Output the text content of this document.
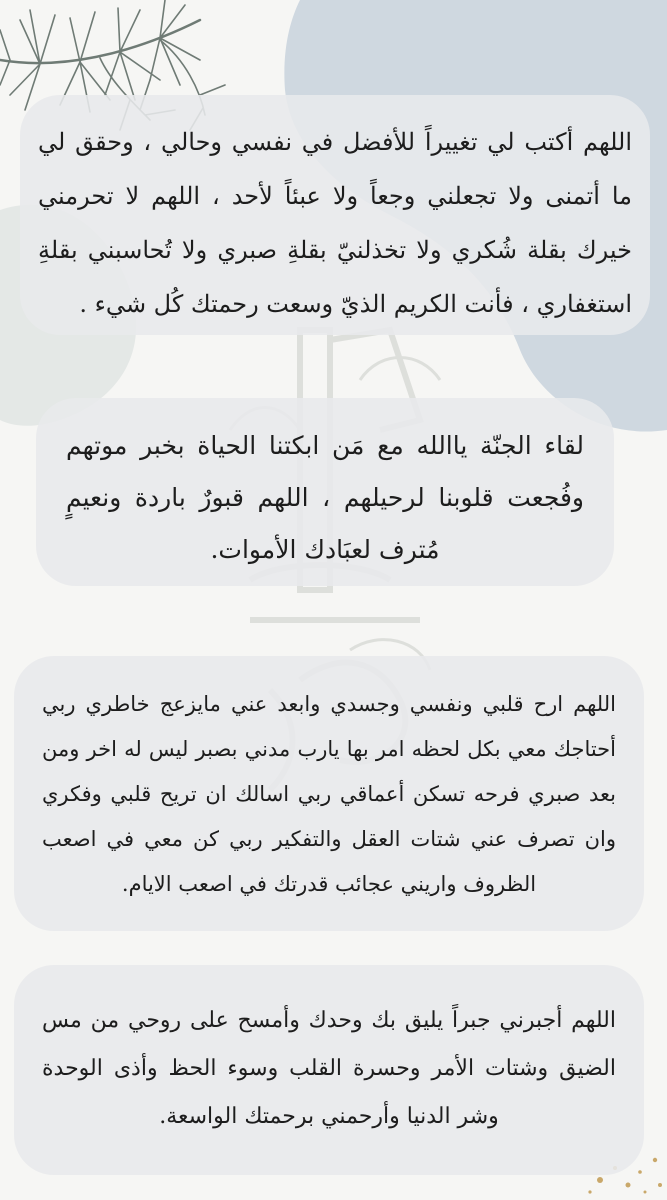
اللهم أكتب لي تغييراً للأفضل في نفسي وحالي ، وحقق لي ما أتمنى ولا تجعلني وجعاً ولا عبئاً لأحد ، اللهم لا تحرمني خيرك بقلة شُكري ولا تخذلنيّ بقلةِ صبري ولا تُحاسبني بقلةِ استغفاري ، فأنت الكريم الذيّ وسعت رحمتك كُل شيء .

لقاء الجنّة ياالله مع مَن ابكتنا الحياة بخبر موتهم وفُجعت قلوبنا لرحيلهم ، اللهم قبورٌ باردة ونعيمٍ مُترف لعبَادك الأموات.

اللهم ارح قلبي ونفسي وجسدي وابعد عني مايزعج خاطري ربي أحتاجك معي بكل لحظه امر بها يارب مدني بصبر ليس له اخر ومن بعد صبري فرحه تسكن أعماقي ربي اسالك ان تريح قلبي وفكري وان تصرف عني شتات العقل والتفكير ربي كن معي في اصعب الظروف واريني عجائب قدرتك في اصعب الايام.

اللهم أجبرني جبراً يليق بك وحدك وأمسح على روحي من مس الضيق وشتات الأمر وحسرة القلب وسوء الحظ وأذى الوحدة وشر الدنيا وأرحمني برحمتك الواسعة.
